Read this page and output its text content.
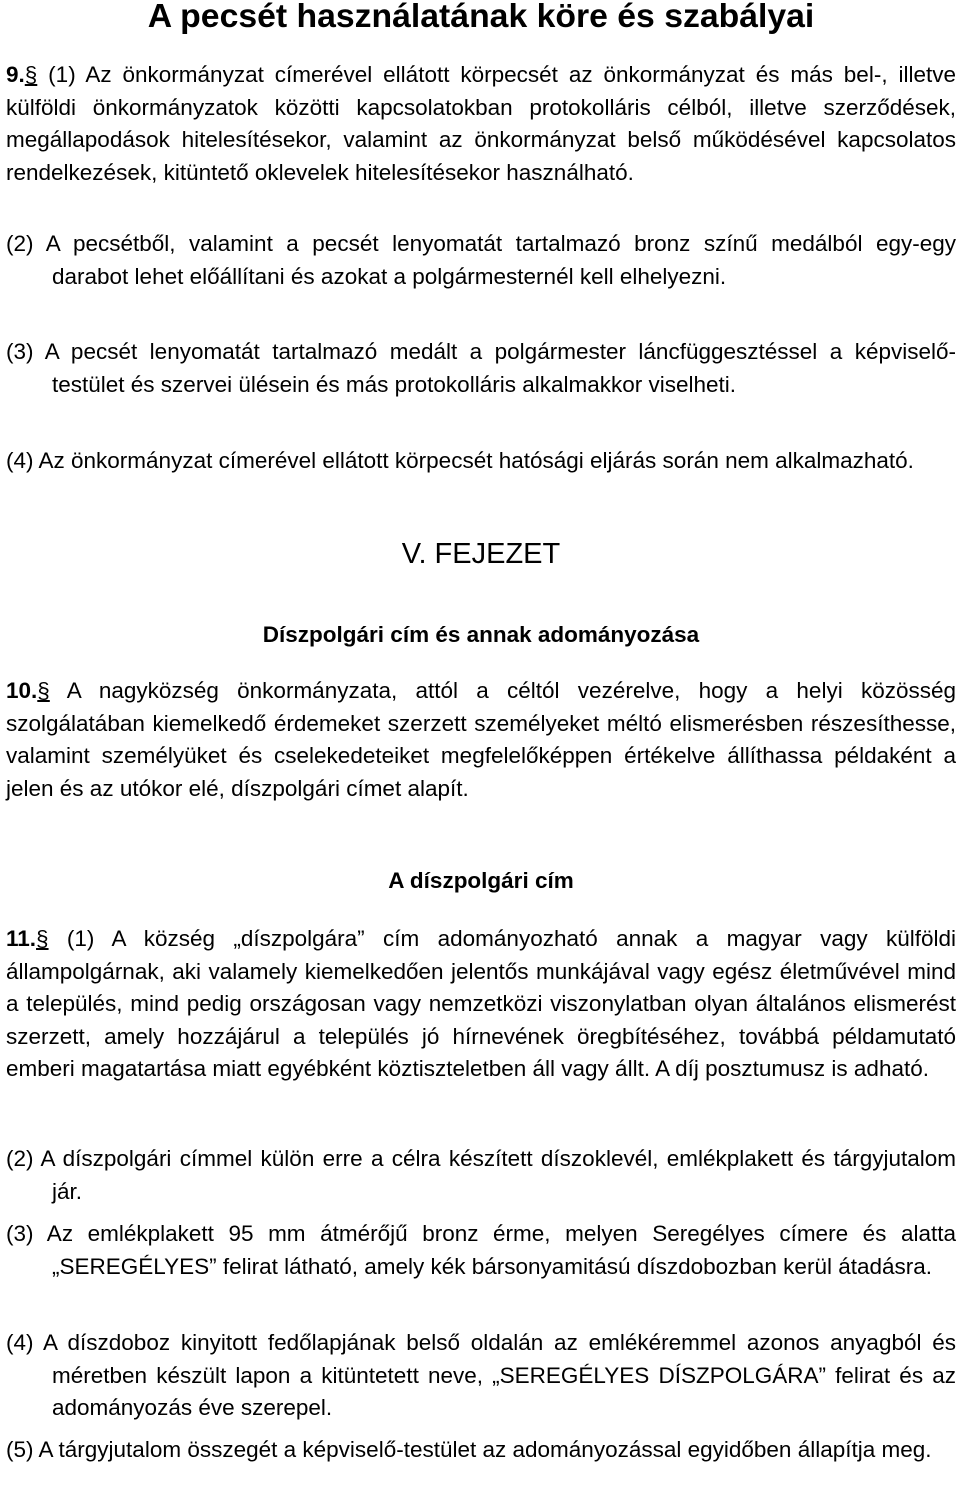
A pecsét használatának köre és szabályai

9.§ (1) Az önkormányzat címerével ellátott körpecsét az önkormányzat és más bel-, illetve külföldi önkormányzatok közötti kapcsolatokban protokolláris célból, illetve szerződések, megállapodások hitelesítésekor, valamint az önkormányzat belső működésével kapcsolatos rendelkezések, kitüntető oklevelek hitelesítésekor használható.

(2) A pecsétből, valamint a pecsét lenyomatát tartalmazó bronz színű medálból egy-egy darabot lehet előállítani és azokat a polgármesternél kell elhelyezni.

(3) A pecsét lenyomatát tartalmazó medált a polgármester láncfüggesztéssel a képviselő-testület és szervei ülésein és más protokolláris alkalmakkor viselheti.

(4) Az önkormányzat címerével ellátott körpecsét hatósági eljárás során nem alkalmazható.

V. FEJEZET
Díszpolgári cím és annak adományozása

10.§ A nagyközség önkormányzata, attól a céltól vezérelve, hogy a helyi közösség szolgálatában kiemelkedő érdemeket szerzett személyeket méltó elismerésben részesíthesse, valamint személyüket és cselekedeteiket megfelelőképpen értékelve állíthassa példaként a jelen és az utókor elé, díszpolgári címet alapít.

A díszpolgári cím

11.§ (1) A község „díszpolgára” cím adományozható annak a magyar vagy külföldi állampolgárnak, aki valamely kiemelkedően jelentős munkájával vagy egész életművével mind a település, mind pedig országosan vagy nemzetközi viszonylatban olyan általános elismerést szerzett, amely hozzájárul a település jó hírnevének öregbítéséhez, továbbá példamutató emberi magatartása miatt egyébként köztiszteletben áll vagy állt. A díj posztumusz is adható.

(2) A díszpolgári címmel külön erre a célra készített díszoklevél, emlékplakett és tárgyjutalom jár.

(3) Az emlékplakett 95 mm átmérőjű bronz érme, melyen Seregélyes címere és alatta „SEREGÉLYES” felirat látható, amely kék bársonyamitású díszdobozban kerül átadásra.

(4) A díszdoboz kinyitott fedőlapjának belső oldalán az emlékéremmel azonos anyagból és méretben készült lapon a kitüntetett neve, „SEREGÉLYES DÍSZPOLGÁRA” felirat és az adományozás éve szerepel.

(5) A tárgyjutalom összegét a képviselő-testület az adományozással egyidőben állapítja meg.
